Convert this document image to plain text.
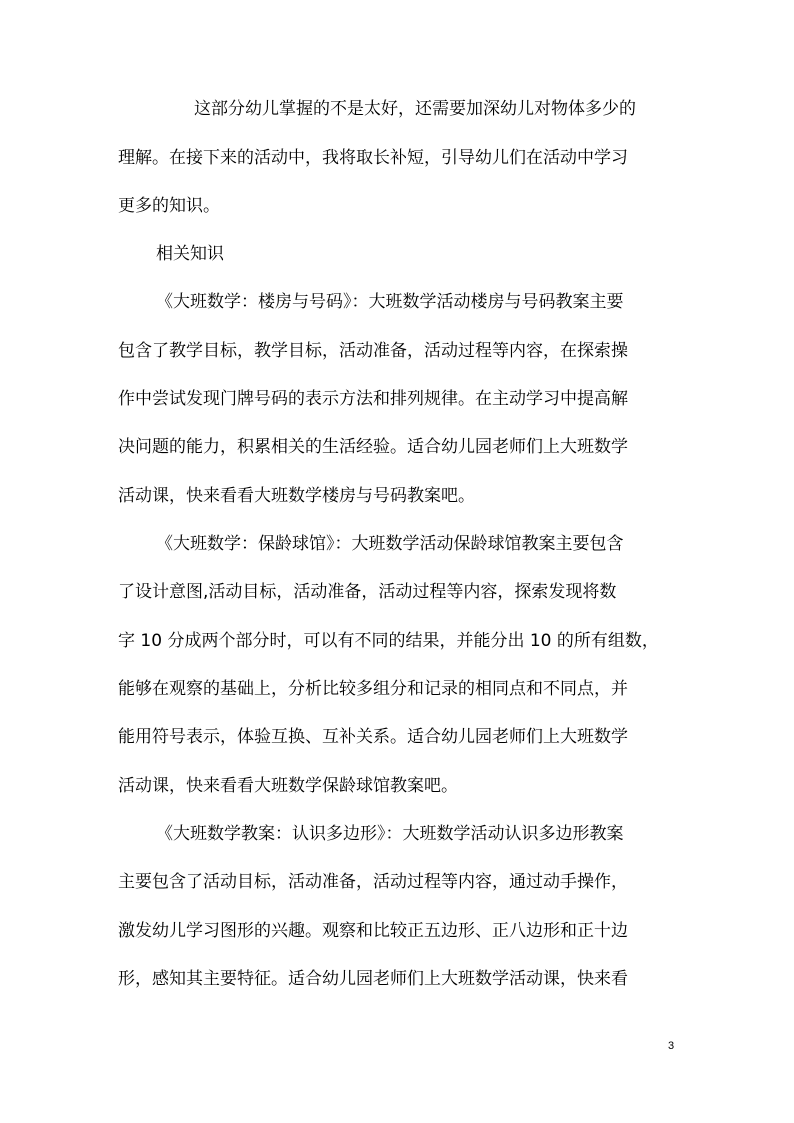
这部分幼儿掌握的不是太好，还需要加深幼儿对物体多少的

理解。在接下来的活动中，我将取长补短，引导幼儿们在活动中学习

更多的知识。

相关知识

《大班数学：楼房与号码》：大班数学活动楼房与号码教案主要

包含了教学目标，教学目标，活动准备，活动过程等内容，在探索操

作中尝试发现门牌号码的表示方法和排列规律。在主动学习中提高解

决问题的能力，积累相关的生活经验。适合幼儿园老师们上大班数学

活动课，快来看看大班数学楼房与号码教案吧。

《大班数学：保龄球馆》：大班数学活动保龄球馆教案主要包含

了设计意图,活动目标，活动准备，活动过程等内容，探索发现将数

字 10 分成两个部分时，可以有不同的结果，并能分出 10 的所有组数，

能够在观察的基础上，分析比较多组分和记录的相同点和不同点，并

能用符号表示，体验互换、互补关系。适合幼儿园老师们上大班数学

活动课，快来看看大班数学保龄球馆教案吧。

《大班数学教案：认识多边形》：大班数学活动认识多边形教案

主要包含了活动目标，活动准备，活动过程等内容，通过动手操作，

激发幼儿学习图形的兴趣。观察和比较正五边形、正八边形和正十边

形，感知其主要特征。适合幼儿园老师们上大班数学活动课，快来看

3
